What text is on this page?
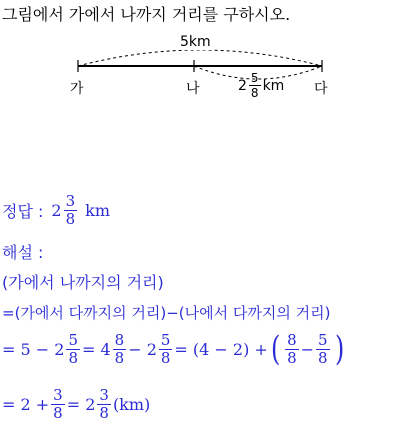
그림에서 가에서 나까지 거리를 구하시오.
5km
가	나	다
$2 \frac{5}{8}$ km
정답 : $2 \frac{3}{8}$ km
해설 :
(가에서 나까지의 거리)
=(가에서 다까지의 거리)−(나에서 다까지의 거리)
= $5 - 2 \frac{5}{8} = 4 \frac{8}{8} - 2 \frac{5}{8} = (4 - 2)$ + ( $\frac{8}{8} - \frac{5}{8}$ )
= $2 + \frac{3}{8} = 2 \frac{3}{8} (km)$
